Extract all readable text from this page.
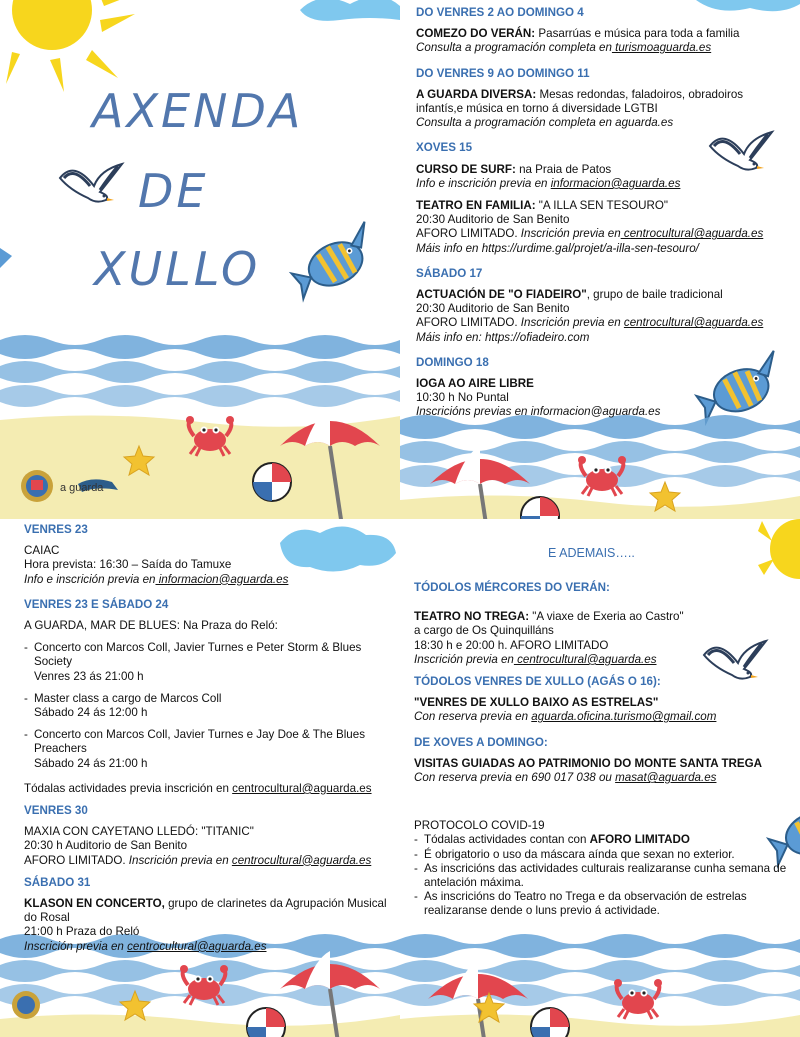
AXENDA
DE
XULLO
a guarda

DO VENRES 2 AO DOMINGO 4

COMEZO DO VERÁN: Pasarrúas e música para toda a familia

Consulta a programación completa en turismoaguarda.es

DO VENRES 9 AO DOMINGO 11

A GUARDA DIVERSA: Mesas redondas, faladoiros, obradoiros infantís,e música en torno á diversidade LGTBI

Consulta a programación completa en aguarda.es

XOVES 15

CURSO DE SURF: na Praia de Patos

Info e inscrición previa en informacion@aguarda.es

TEATRO EN FAMILIA: "A ILLA SEN TESOURO"

20:30 Auditorio de San Benito

AFORO LIMITADO. Inscrición previa en centrocultural@aguarda.es

Máis info en https://urdime.gal/projet/a-illa-sen-tesouro/

SÁBADO 17

ACTUACIÓN DE "O FIADEIRO", grupo de baile tradicional

20:30 Auditorio de San Benito

AFORO LIMITADO. Inscrición previa en centrocultural@aguarda.es

Máis info en: https://ofiadeiro.com

DOMINGO 18

IOGA AO AIRE LIBRE

10:30 h No Puntal

Inscricións previas en informacion@aguarda.es

VENRES 23

CAIAC

Hora prevista: 16:30 – Saída do Tamuxe

Info e inscrición previa en informacion@aguarda.es

VENRES 23 E SÁBADO 24

A GUARDA, MAR DE BLUES: Na Praza do Reló:

- Concerto con Marcos Coll, Javier Turnes e Peter Storm & Blues Society

Venres 23 ás 21:00 h

- Master class a cargo de Marcos Coll

Sábado 24 ás 12:00 h

- Concerto con Marcos Coll, Javier Turnes e Jay Doe & The Blues Preachers

Sábado 24 ás 21:00 h

Tódalas actividades previa inscrición en centrocultural@aguarda.es

VENRES 30

MAXIA CON CAYETANO LLEDÓ: "TITANIC"

20:30 h Auditorio de San Benito

AFORO LIMITADO. Inscrición previa en centrocultural@aguarda.es

SÁBADO 31

KLASON EN CONCERTO, grupo de clarinetes da Agrupación Musical do Rosal

21:00 h Praza do Reló

Inscrición previa en centrocultural@aguarda.es

E ADEMAIS…..

TÓDOLOS MÉRCORES DO VERÁN:

TEATRO NO TREGA: "A viaxe de Exeria ao Castro"

a cargo de Os Quinquilláns

18:30 h e 20:00 h. AFORO LIMITADO

Inscrición previa en centrocultural@aguarda.es

TÓDOLOS VENRES DE XULLO (AGÁS O 16):

"VENRES DE XULLO BAIXO AS ESTRELAS"

Con reserva previa en aguarda.oficina.turismo@gmail.com

DE XOVES A DOMINGO:

VISITAS GUIADAS AO PATRIMONIO DO MONTE SANTA TREGA

Con reserva previa en 690 017 038 ou masat@aguarda.es

PROTOCOLO COVID-19

- Tódalas actividades contan con AFORO LIMITADO

- É obrigatorio o uso da máscara aínda que sexan no exterior.

- As inscricións das actividades culturais realizaranse cunha semana de antelación máxima.

- As inscricións do Teatro no Trega e da observación de estrelas realizaranse dende o luns previo á actividade.
